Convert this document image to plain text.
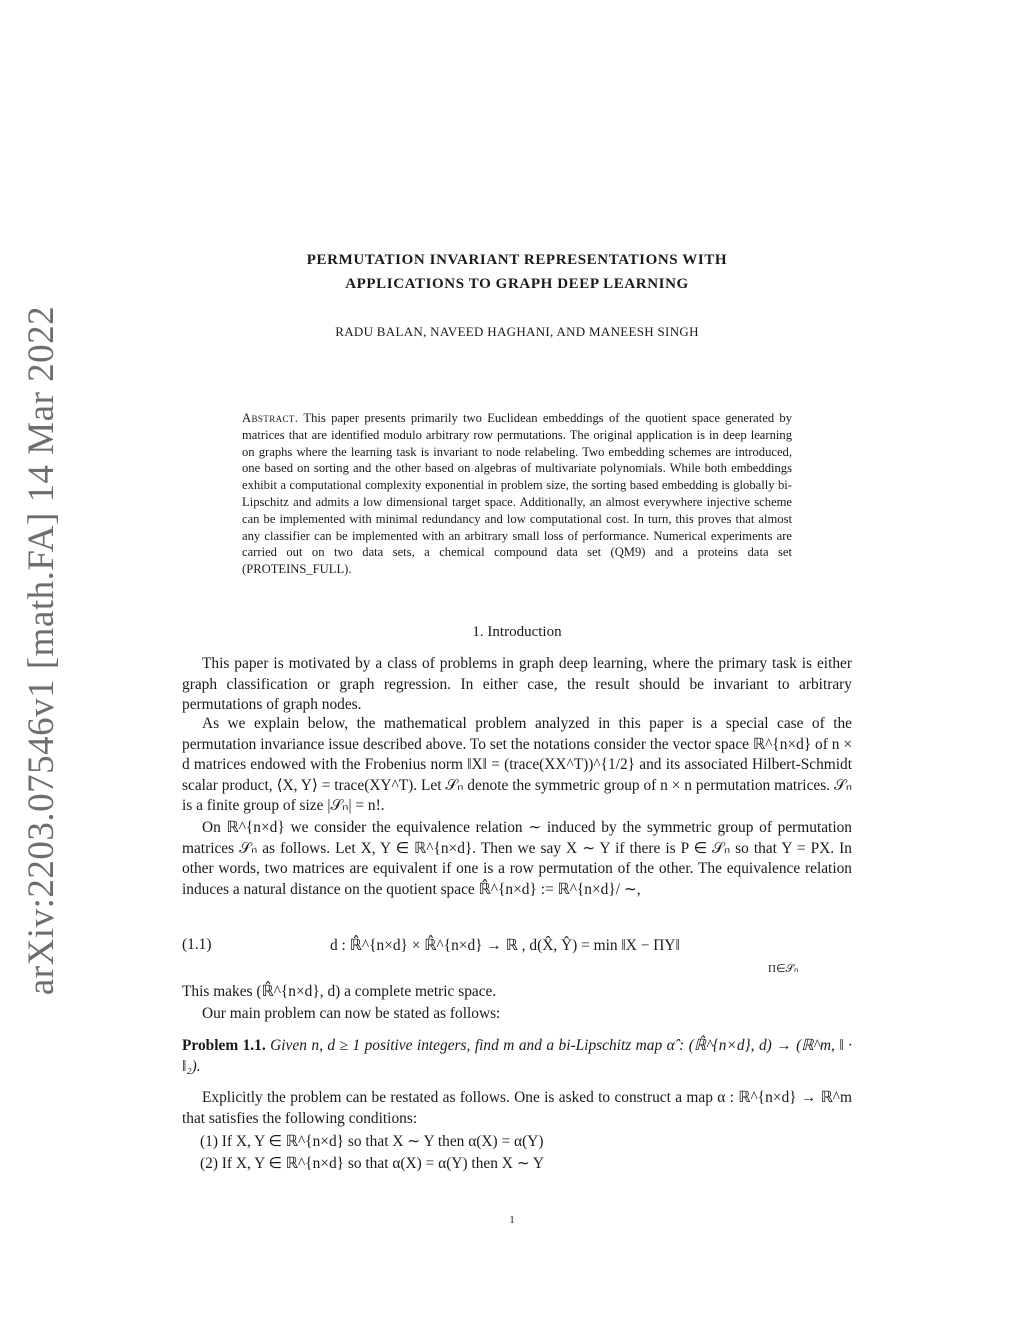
arXiv:2203.07546v1 [math.FA] 14 Mar 2022
PERMUTATION INVARIANT REPRESENTATIONS WITH
APPLICATIONS TO GRAPH DEEP LEARNING
RADU BALAN, NAVEED HAGHANI, AND MANEESH SINGH
Abstract. This paper presents primarily two Euclidean embeddings of the quotient space generated by matrices that are identified modulo arbitrary row permutations. The original application is in deep learning on graphs where the learning task is invariant to node relabeling. Two embedding schemes are introduced, one based on sorting and the other based on algebras of multivariate polynomials. While both embeddings exhibit a computational complexity exponential in problem size, the sorting based embedding is globally bi-Lipschitz and admits a low dimensional target space. Additionally, an almost everywhere injective scheme can be implemented with minimal redundancy and low computational cost. In turn, this proves that almost any classifier can be implemented with an arbitrary small loss of performance. Numerical experiments are carried out on two data sets, a chemical compound data set (QM9) and a proteins data set (PROTEINS_FULL).
1. Introduction

This paper is motivated by a class of problems in graph deep learning, where the primary task is either graph classification or graph regression. In either case, the result should be invariant to arbitrary permutations of graph nodes.

As we explain below, the mathematical problem analyzed in this paper is a special case of the permutation invariance issue described above. To set the notations consider the vector space ℝ^{n×d} of n × d matrices endowed with the Frobenius norm ‖X‖ = (trace(XX^T))^{1/2} and its associated Hilbert-Schmidt scalar product, ⟨X, Y⟩ = trace(XY^T). Let 𝒮ₙ denote the symmetric group of n × n permutation matrices. 𝒮ₙ is a finite group of size |𝒮ₙ| = n!.

On ℝ^{n×d} we consider the equivalence relation ∼ induced by the symmetric group of permutation matrices 𝒮ₙ as follows. Let X, Y ∈ ℝ^{n×d}. Then we say X ∼ Y if there is P ∈ 𝒮ₙ so that Y = PX. In other words, two matrices are equivalent if one is a row permutation of the other. The equivalence relation induces a natural distance on the quotient space ℝ̂^{n×d} := ℝ^{n×d}/ ∼,

(1.1)	d : ℝ̂^{n×d} × ℝ̂^{n×d} → ℝ , d(X̂, Ŷ) = min ‖X − ΠY‖
Π∈𝒮ₙ

This makes (ℝ̂^{n×d}, d) a complete metric space.

Our main problem can now be stated as follows:

Problem 1.1. Given n, d ≥ 1 positive integers, find m and a bi-Lipschitz map α̂ : (ℝ̂^{n×d}, d) → (ℝ^m, ‖ · ‖₂).

Explicitly the problem can be restated as follows. One is asked to construct a map α : ℝ^{n×d} → ℝ^m that satisfies the following conditions:

(1) If X, Y ∈ ℝ^{n×d} so that X ∼ Y then α(X) = α(Y)
(2) If X, Y ∈ ℝ^{n×d} so that α(X) = α(Y) then X ∼ Y
1
